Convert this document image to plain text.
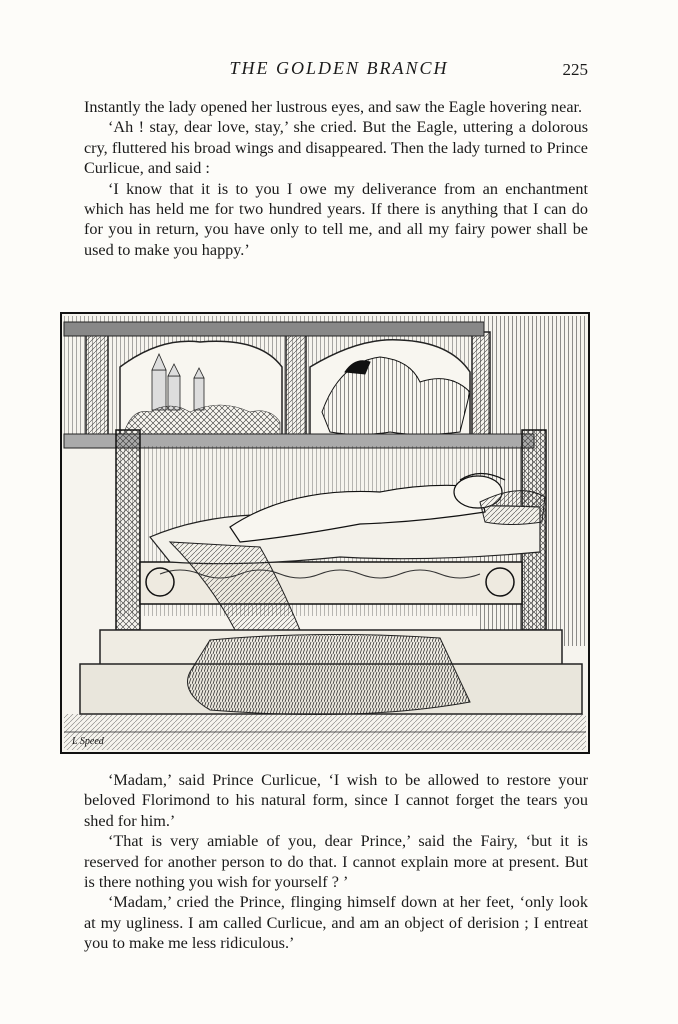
THE GOLDEN BRANCH	225

Instantly the lady opened her lustrous eyes, and saw the Eagle hovering near.

‘Ah ! stay, dear love, stay,’ she cried. But the Eagle, uttering a dolorous cry, fluttered his broad wings and disappeared. Then the lady turned to Prince Curlicue, and said :

‘I know that it is to you I owe my deliverance from an enchantment which has held me for two hundred years. If there is anything that I can do for you in return, you have only to tell me, and all my fairy power shall be used to make you happy.’

L Speed

‘Madam,’ said Prince Curlicue, ‘I wish to be allowed to restore your beloved Florimond to his natural form, since I cannot forget the tears you shed for him.’

‘That is very amiable of you, dear Prince,’ said the Fairy, ‘but it is reserved for another person to do that. I cannot explain more at present. But is there nothing you wish for yourself ? ’

‘Madam,’ cried the Prince, flinging himself down at her feet, ‘only look at my ugliness. I am called Curlicue, and am an object of derision ; I entreat you to make me less ridiculous.’
